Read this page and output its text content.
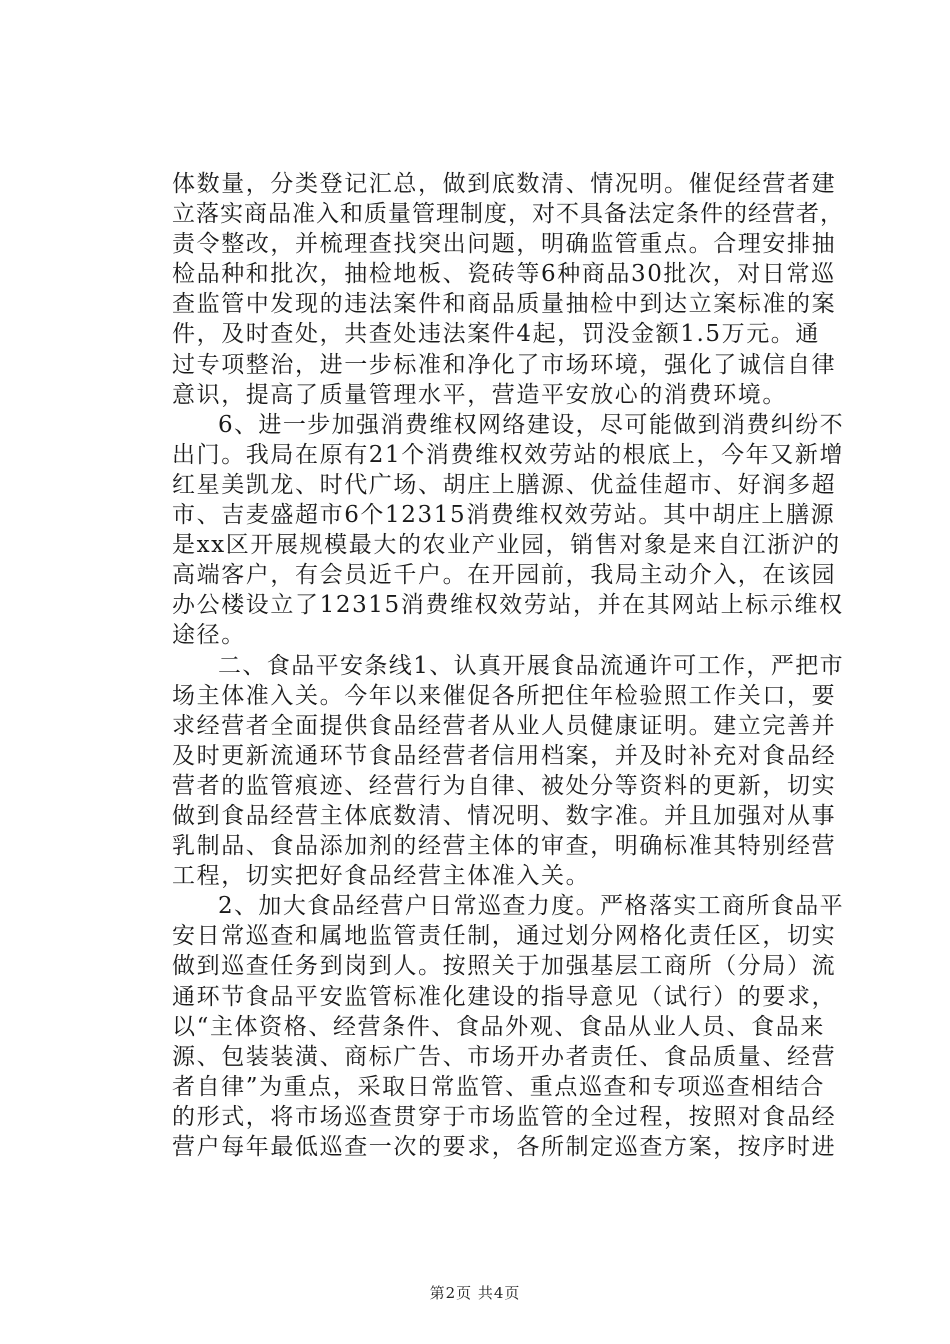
体数量，分类登记汇总，做到底数清、情况明。催促经营者建
立落实商品准入和质量管理制度，对不具备法定条件的经营者，
责令整改，并梳理查找突出问题，明确监管重点。合理安排抽
检品种和批次，抽检地板、瓷砖等6种商品30批次，对日常巡
查监管中发现的违法案件和商品质量抽检中到达立案标准的案
件，及时查处，共查处违法案件4起，罚没金额1.5万元。通
过专项整治，进一步标准和净化了市场环境，强化了诚信自律
意识，提高了质量管理水平，营造平安放心的消费环境。
6、进一步加强消费维权网络建设，尽可能做到消费纠纷不
出门。我局在原有21个消费维权效劳站的根底上，今年又新增
红星美凯龙、时代广场、胡庄上膳源、优益佳超市、好润多超
市、吉麦盛超市6个12315消费维权效劳站。其中胡庄上膳源
是xx区开展规模最大的农业产业园，销售对象是来自江浙沪的
高端客户，有会员近千户。在开园前，我局主动介入，在该园
办公楼设立了12315消费维权效劳站，并在其网站上标示维权
途径。
二、食品平安条线1、认真开展食品流通许可工作，严把市
场主体准入关。今年以来催促各所把住年检验照工作关口，要
求经营者全面提供食品经营者从业人员健康证明。建立完善并
及时更新流通环节食品经营者信用档案，并及时补充对食品经
营者的监管痕迹、经营行为自律、被处分等资料的更新，切实
做到食品经营主体底数清、情况明、数字准。并且加强对从事
乳制品、食品添加剂的经营主体的审查，明确标准其特别经营
工程，切实把好食品经营主体准入关。
2、加大食品经营户日常巡查力度。严格落实工商所食品平
安日常巡查和属地监管责任制，通过划分网格化责任区，切实
做到巡查任务到岗到人。按照关于加强基层工商所（分局）流
通环节食品平安监管标准化建设的指导意见（试行）的要求，
以“主体资格、经营条件、食品外观、食品从业人员、食品来
源、包装装潢、商标广告、市场开办者责任、食品质量、经营
者自律”为重点，采取日常监管、重点巡查和专项巡查相结合
的形式，将市场巡查贯穿于市场监管的全过程，按照对食品经
营户每年最低巡查一次的要求，各所制定巡查方案，按序时进
第2页 共4页
